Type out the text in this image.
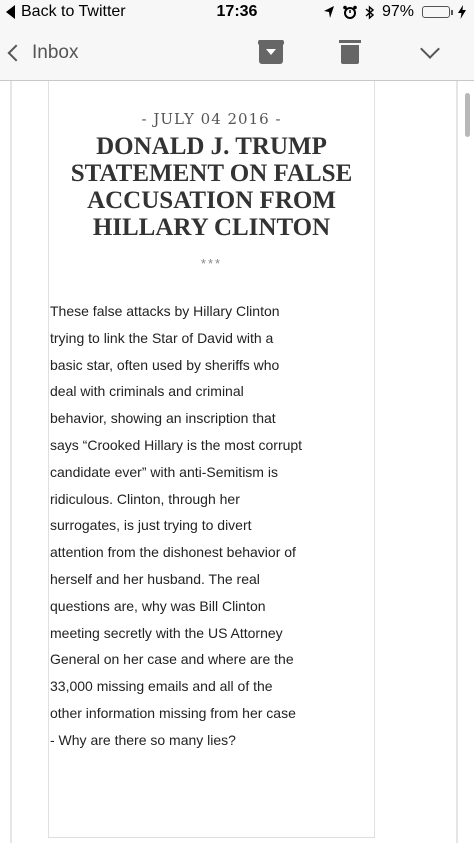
Back to Twitter	17:36	97%
Inbox
- JULY 04 2016 -
DONALD J. TRUMP
STATEMENT ON FALSE
ACCUSATION FROM
HILLARY CLINTON
***
These false attacks by Hillary Clinton
trying to link the Star of David with a
basic star, often used by sheriffs who
deal with criminals and criminal
behavior, showing an inscription that
says “Crooked Hillary is the most corrupt
candidate ever” with anti-Semitism is
ridiculous. Clinton, through her
surrogates, is just trying to divert
attention from the dishonest behavior of
herself and her husband. The real
questions are, why was Bill Clinton
meeting secretly with the US Attorney
General on her case and where are the
33,000 missing emails and all of the
other information missing from her case
- Why are there so many lies?
